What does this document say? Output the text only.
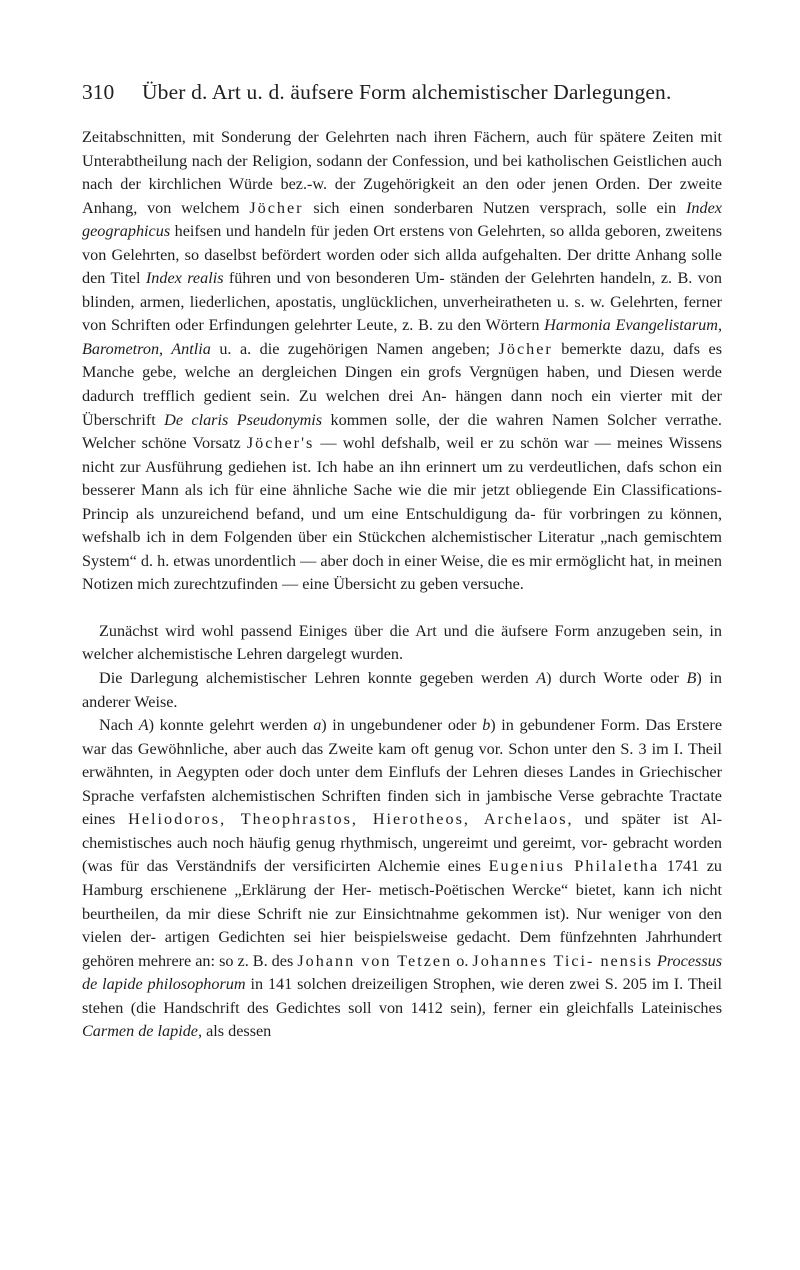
310 Über d. Art u. d. äufsere Form alchemistischer Darlegungen.

Zeitabschnitten, mit Sonderung der Gelehrten nach ihren Fächern, auch für spätere Zeiten mit Unterabtheilung nach der Religion, sodann der Confession, und bei katholischen Geistlichen auch nach der kirchlichen Würde bez.-w. der Zugehörigkeit an den oder jenen Orden. Der zweite Anhang, von welchem Jöcher sich einen sonderbaren Nutzen versprach, solle ein Index geographicus heifsen und handeln für jeden Ort erstens von Gelehrten, so allda geboren, zweitens von Gelehrten, so daselbst befördert worden oder sich allda aufgehalten. Der dritte Anhang solle den Titel Index realis führen und von besonderen Um- ständen der Gelehrten handeln, z. B. von blinden, armen, liederlichen, apostatis, unglücklichen, unverheiratheten u. s. w. Gelehrten, ferner von Schriften oder Erfindungen gelehrter Leute, z. B. zu den Wörtern Harmonia Evangelistarum, Barometron, Antlia u. a. die zugehörigen Namen angeben; Jöcher bemerkte dazu, dafs es Manche gebe, welche an dergleichen Dingen ein grofs Vergnügen haben, und Diesen werde dadurch trefflich gedient sein. Zu welchen drei An- hängen dann noch ein vierter mit der Überschrift De claris Pseudonymis kommen solle, der die wahren Namen Solcher verrathe. Welcher schöne Vorsatz Jöcher's — wohl defshalb, weil er zu schön war — meines Wissens nicht zur Ausführung gediehen ist. Ich habe an ihn erinnert um zu verdeutlichen, dafs schon ein besserer Mann als ich für eine ähnliche Sache wie die mir jetzt obliegende Ein Classifications-Princip als unzureichend befand, und um eine Entschuldigung da- für vorbringen zu können, wefshalb ich in dem Folgenden über ein Stückchen alchemistischer Literatur „nach gemischtem System“ d. h. etwas unordentlich — aber doch in einer Weise, die es mir ermöglicht hat, in meinen Notizen mich zurechtzufinden — eine Übersicht zu geben versuche.

Zunächst wird wohl passend Einiges über die Art und die äufsere Form anzugeben sein, in welcher alchemistische Lehren dargelegt wurden.

Die Darlegung alchemistischer Lehren konnte gegeben werden A) durch Worte oder B) in anderer Weise.

Nach A) konnte gelehrt werden a) in ungebundener oder b) in gebundener Form. Das Erstere war das Gewöhnliche, aber auch das Zweite kam oft genug vor. Schon unter den S. 3 im I. Theil erwähnten, in Aegypten oder doch unter dem Einflufs der Lehren dieses Landes in Griechischer Sprache verfafsten alchemistischen Schriften finden sich in jambische Verse gebrachte Tractate eines Heliodoros, Theophrastos, Hierotheos, Archelaos, und später ist Al- chemistisches auch noch häufig genug rhythmisch, ungereimt und gereimt, vor- gebracht worden (was für das Verständnifs der versificirten Alchemie eines Eugenius Philaletha 1741 zu Hamburg erschienene „Erklärung der Her- metisch-Poëtischen Wercke“ bietet, kann ich nicht beurtheilen, da mir diese Schrift nie zur Einsichtnahme gekommen ist). Nur weniger von den vielen der- artigen Gedichten sei hier beispielsweise gedacht. Dem fünfzehnten Jahrhundert gehören mehrere an: so z. B. des Johann von Tetzen o. Johannes Tici- nensis Processus de lapide philosophorum in 141 solchen dreizeiligen Strophen, wie deren zwei S. 205 im I. Theil stehen (die Handschrift des Gedichtes soll von 1412 sein), ferner ein gleichfalls Lateinisches Carmen de lapide, als dessen
